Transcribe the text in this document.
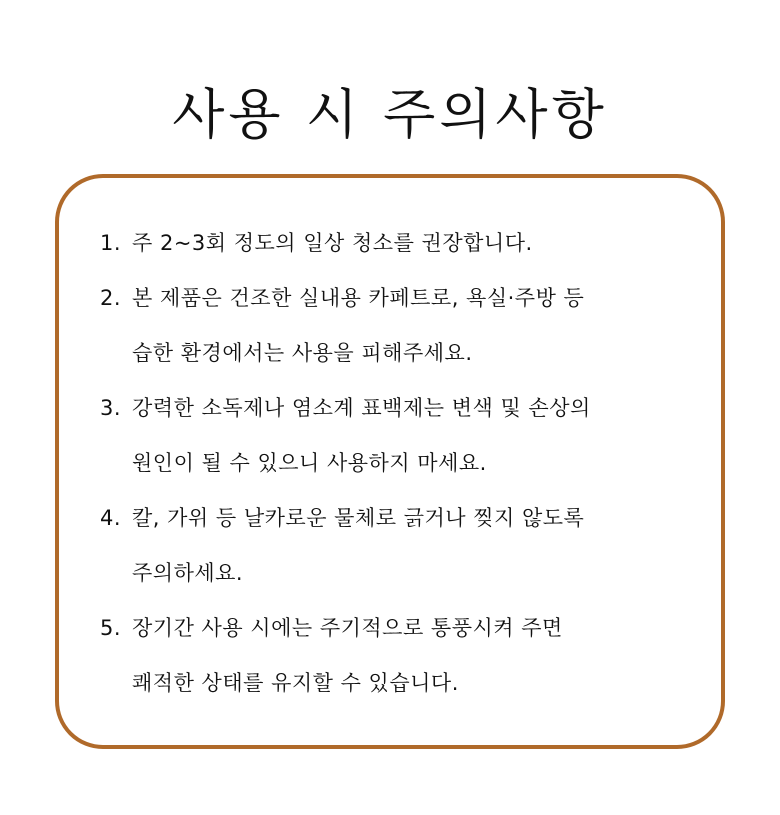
사용 시 주의사항
1. 주 2~3회 정도의 일상 청소를 권장합니다.
2. 본 제품은 건조한 실내용 카페트로, 욕실·주방 등
습한 환경에서는 사용을 피해주세요.
3. 강력한 소독제나 염소계 표백제는 변색 및 손상의
원인이 될 수 있으니 사용하지 마세요.
4. 칼, 가위 등 날카로운 물체로 긁거나 찢지 않도록
주의하세요.
5. 장기간 사용 시에는 주기적으로 통풍시켜 주면
쾌적한 상태를 유지할 수 있습니다.
